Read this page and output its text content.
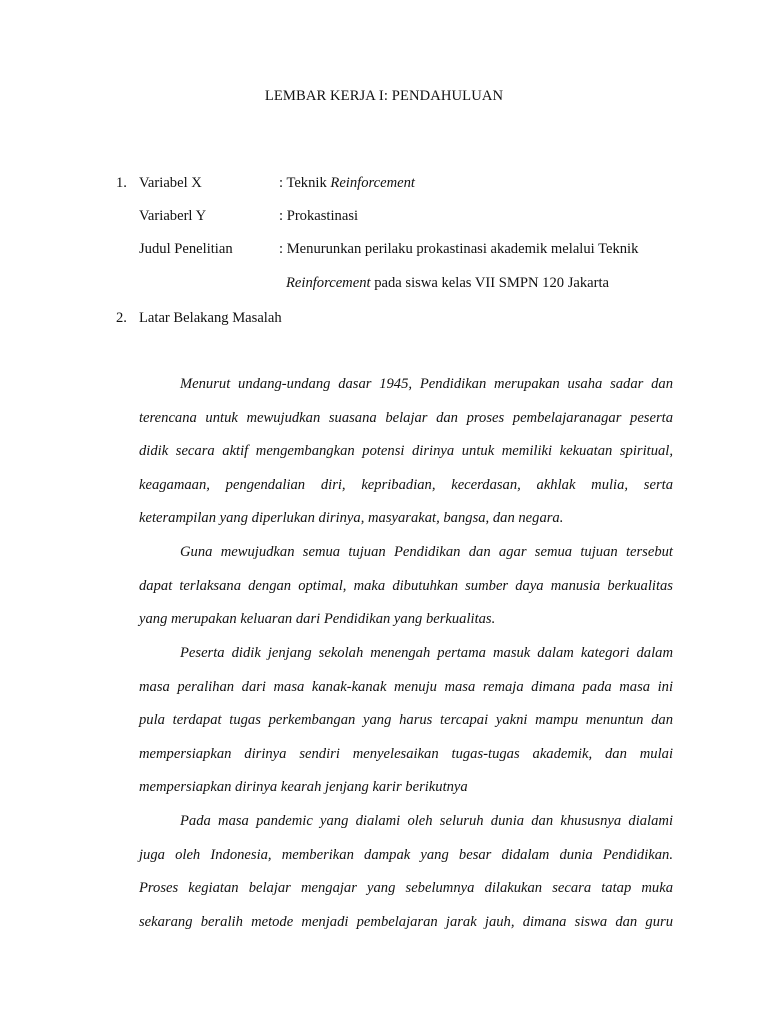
LEMBAR KERJA I: PENDAHULUAN
1. Variabel X	: Teknik Reinforcement
Variaberl Y	: Prokastinasi
Judul Penelitian	: Menurunkan perilaku prokastinasi akademik melalui Teknik
Reinforcement pada siswa kelas VII SMPN 120 Jakarta
2. Latar Belakang Masalah
Menurut undang-undang dasar 1945, Pendidikan merupakan usaha sadar dan
terencana untuk mewujudkan suasana belajar dan proses pembelajaranagar peserta
didik secara aktif mengembangkan potensi dirinya untuk memiliki kekuatan spiritual,
keagamaan, pengendalian diri, kepribadian, kecerdasan, akhlak mulia, serta
keterampilan yang diperlukan dirinya, masyarakat, bangsa, dan negara.
Guna mewujudkan semua tujuan Pendidikan dan agar semua tujuan tersebut
dapat terlaksana dengan optimal, maka dibutuhkan sumber daya manusia berkualitas
yang merupakan keluaran dari Pendidikan yang berkualitas.
Peserta didik jenjang sekolah menengah pertama masuk dalam kategori dalam
masa peralihan dari masa kanak-kanak menuju masa remaja dimana pada masa ini
pula terdapat tugas perkembangan yang harus tercapai yakni mampu menuntun dan
mempersiapkan dirinya sendiri menyelesaikan tugas-tugas akademik, dan mulai
mempersiapkan dirinya kearah jenjang karir berikutnya
Pada masa pandemic yang dialami oleh seluruh dunia dan khususnya dialami
juga oleh Indonesia, memberikan dampak yang besar didalam dunia Pendidikan.
Proses kegiatan belajar mengajar yang sebelumnya dilakukan secara tatap muka
sekarang beralih metode menjadi pembelajaran jarak jauh, dimana siswa dan guru
